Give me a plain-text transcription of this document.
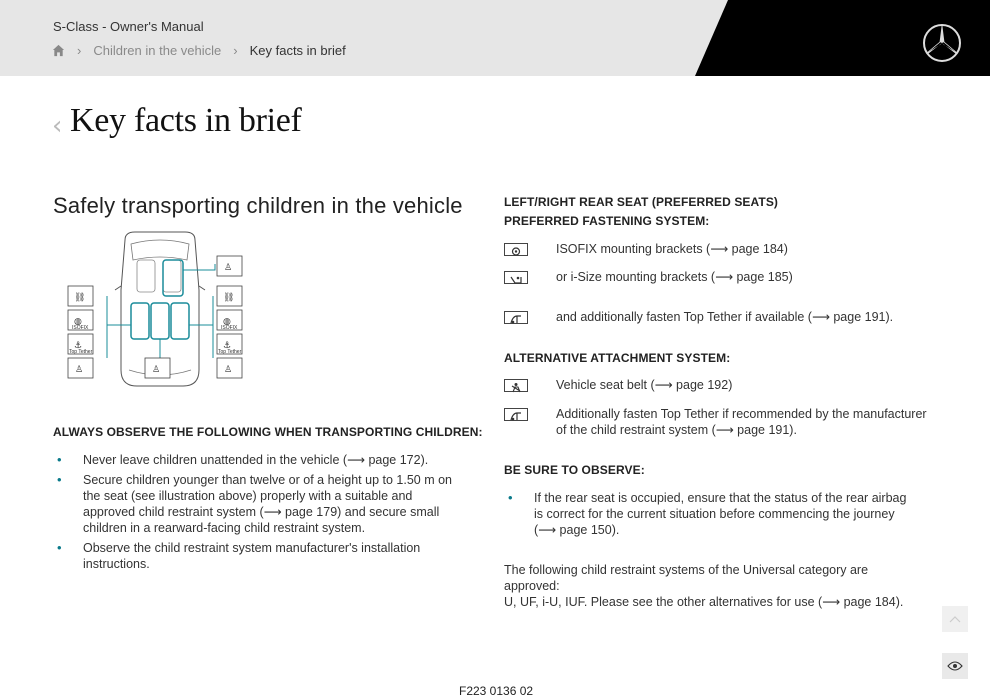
S-Class - Owner's Manual
› Children in the vehicle › Key facts in brief
‹ Key facts in brief
Safely transporting children in the vehicle
⛓
◍
⚓
♙
♙
⛓
◍
⚓
♙
♙
ISOFIX
Top Tether
ISOFIX
Top Tether
ALWAYS OBSERVE THE FOLLOWING WHEN TRANSPORTING CHILDREN:
• Never leave children unattended in the vehicle (⟶ page 172).
• Secure children younger than twelve or of a height up to 1.50 m on the seat (see illustration above) properly with a suitable and approved child restraint system (⟶ page 179) and secure small children in a rearward-facing child restraint system.
• Observe the child restraint system manufacturer's installation instructions.
LEFT/RIGHT REAR SEAT (PREFERRED SEATS)
PREFERRED FASTENING SYSTEM:
ISOFIX mounting brackets (⟶ page 184)
or i-Size mounting brackets (⟶ page 185)
and additionally fasten Top Tether if available (⟶ page 191).
ALTERNATIVE ATTACHMENT SYSTEM:
Vehicle seat belt (⟶ page 192)
Additionally fasten Top Tether if recommended by the manufacturer
of the child restraint system (⟶ page 191).
BE SURE TO OBSERVE:
• If the rear seat is occupied, ensure that the status of the rear airbag is correct for the current situation before commencing the journey (⟶ page 150).
The following child restraint systems of the Universal category are approved:
U, UF, i-U, IUF. Please see the other alternatives for use (⟶ page 184).
F223 0136 02
